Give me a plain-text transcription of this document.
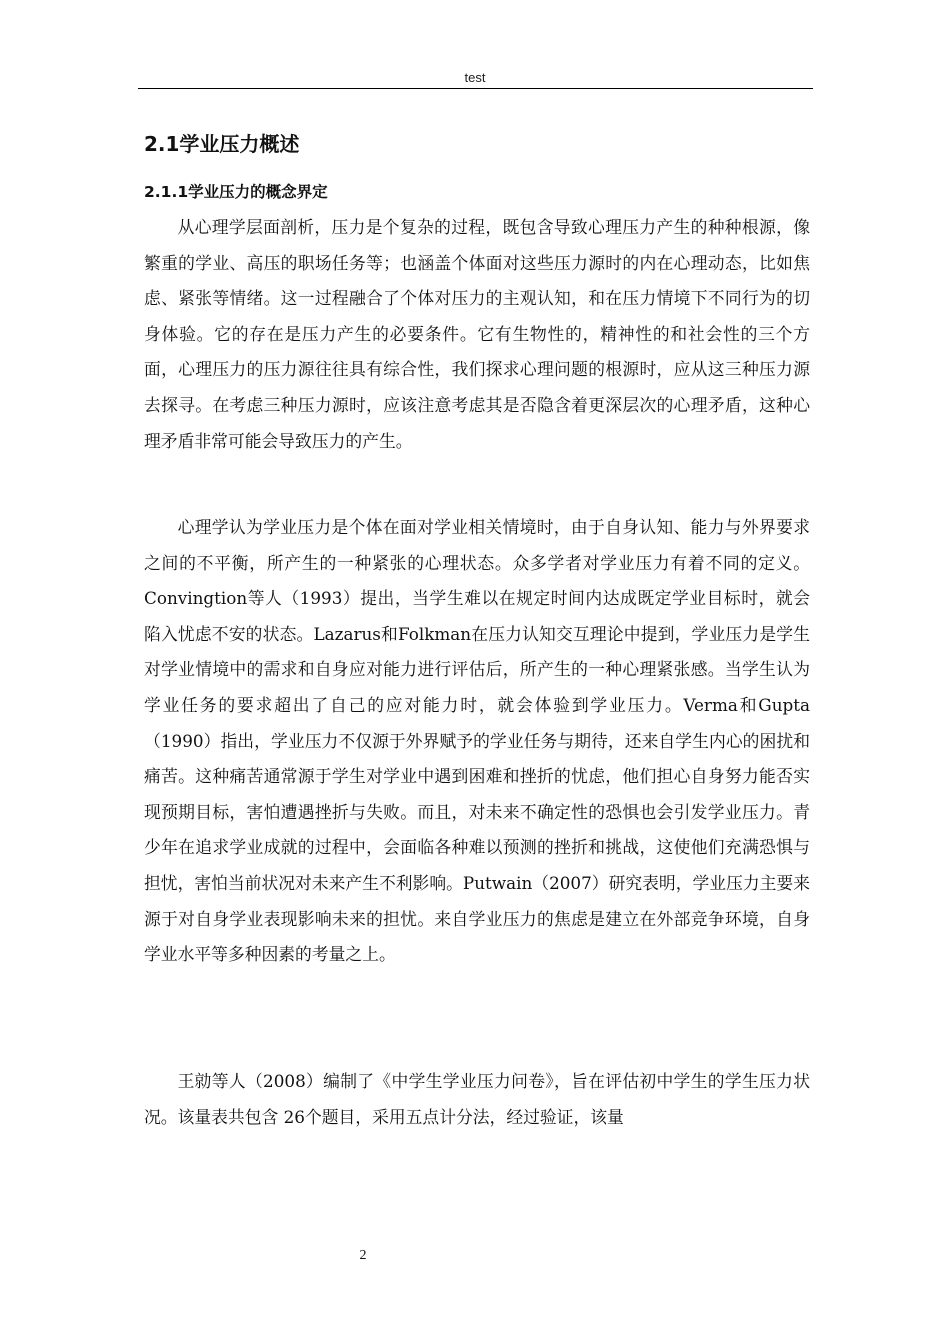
test
2.1学业压力概述
2.1.1学业压力的概念界定

从心理学层面剖析，压力是个复杂的过程，既包含导致心理压力产生的种种根源，像繁重的学业、高压的职场任务等；也涵盖个体面对这些压力源时的内在心理动态，比如焦虑、紧张等情绪。这一过程融合了个体对压力的主观认知，和在压力情境下不同行为的切身体验。它的存在是压力产生的必要条件。它有生物性的，精神性的和社会性的三个方面，心理压力的压力源往往具有综合性，我们探求心理问题的根源时，应从这三种压力源去探寻。在考虑三种压力源时，应该注意考虑其是否隐含着更深层次的心理矛盾，这种心理矛盾非常可能会导致压力的产生。

心理学认为学业压力是个体在面对学业相关情境时，由于自身认知、能力与外界要求之间的不平衡，所产生的一种紧张的心理状态。众多学者对学业压力有着不同的定义。Convingtion等人（1993）提出，当学生难以在规定时间内达成既定学业目标时，就会陷入忧虑不安的状态。Lazarus和Folkman在压力认知交互理论中提到，学业压力是学生对学业情境中的需求和自身应对能力进行评估后，所产生的一种心理紧张感。当学生认为学业任务的要求超出了自己的应对能力时，就会体验到学业压力。Verma和Gupta（1990）指出，学业压力不仅源于外界赋予的学业任务与期待，还来自学生内心的困扰和痛苦。这种痛苦通常源于学生对学业中遇到困难和挫折的忧虑，他们担心自身努力能否实现预期目标，害怕遭遇挫折与失败。而且，对未来不确定性的恐惧也会引发学业压力。青少年在追求学业成就的过程中，会面临各种难以预测的挫折和挑战，这使他们充满恐惧与担忧，害怕当前状况对未来产生不利影响。Putwain（2007）研究表明，学业压力主要来源于对自身学业表现影响未来的担忧。来自学业压力的焦虑是建立在外部竞争环境，自身学业水平等多种因素的考量之上。

王勍等人（2008）编制了《中学生学业压力问卷》，旨在评估初中学生的学生压力状况。该量表共包含 26个题目，采用五点计分法，经过验证，该量

2
